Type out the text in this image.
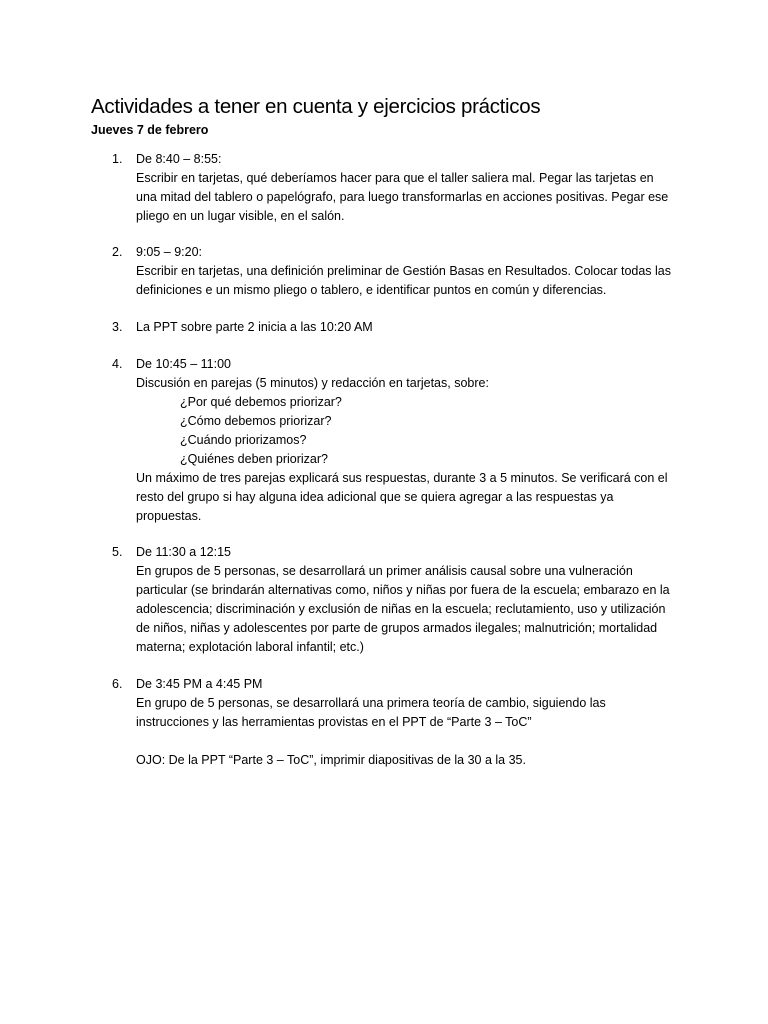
Actividades a tener en cuenta y ejercicios prácticos
Jueves 7 de febrero
1. De 8:40 – 8:55:
Escribir en tarjetas, qué deberíamos hacer para que el taller saliera mal. Pegar las tarjetas en
una mitad del tablero o papelógrafo, para luego transformarlas en acciones positivas. Pegar ese
pliego en un lugar visible, en el salón.
2. 9:05 – 9:20:
Escribir en tarjetas, una definición preliminar de Gestión Basas en Resultados. Colocar todas las
definiciones e un mismo pliego o tablero, e identificar puntos en común y diferencias.
3. La PPT sobre parte 2 inicia a las 10:20 AM
4. De 10:45 – 11:00
Discusión en parejas (5 minutos) y redacción en tarjetas, sobre:
¿Por qué debemos priorizar?
¿Cómo debemos priorizar?
¿Cuándo priorizamos?
¿Quiénes deben priorizar?
Un máximo de tres parejas explicará sus respuestas, durante 3 a 5 minutos. Se verificará con el
resto del grupo si hay alguna idea adicional que se quiera agregar a las respuestas ya
propuestas.
5. De 11:30 a 12:15
En grupos de 5 personas, se desarrollará un primer análisis causal sobre una vulneración
particular (se brindarán alternativas como, niños y niñas por fuera de la escuela; embarazo en la
adolescencia; discriminación y exclusión de niñas en la escuela; reclutamiento, uso y utilización
de niños, niñas y adolescentes por parte de grupos armados ilegales; malnutrición; mortalidad
materna; explotación laboral infantil; etc.)
6. De 3:45 PM a 4:45 PM
En grupo de 5 personas, se desarrollará una primera teoría de cambio, siguiendo las
instrucciones y las herramientas provistas en el PPT de “Parte 3 – ToC”
OJO: De la PPT “Parte 3 – ToC”, imprimir diapositivas de la 30 a la 35.
